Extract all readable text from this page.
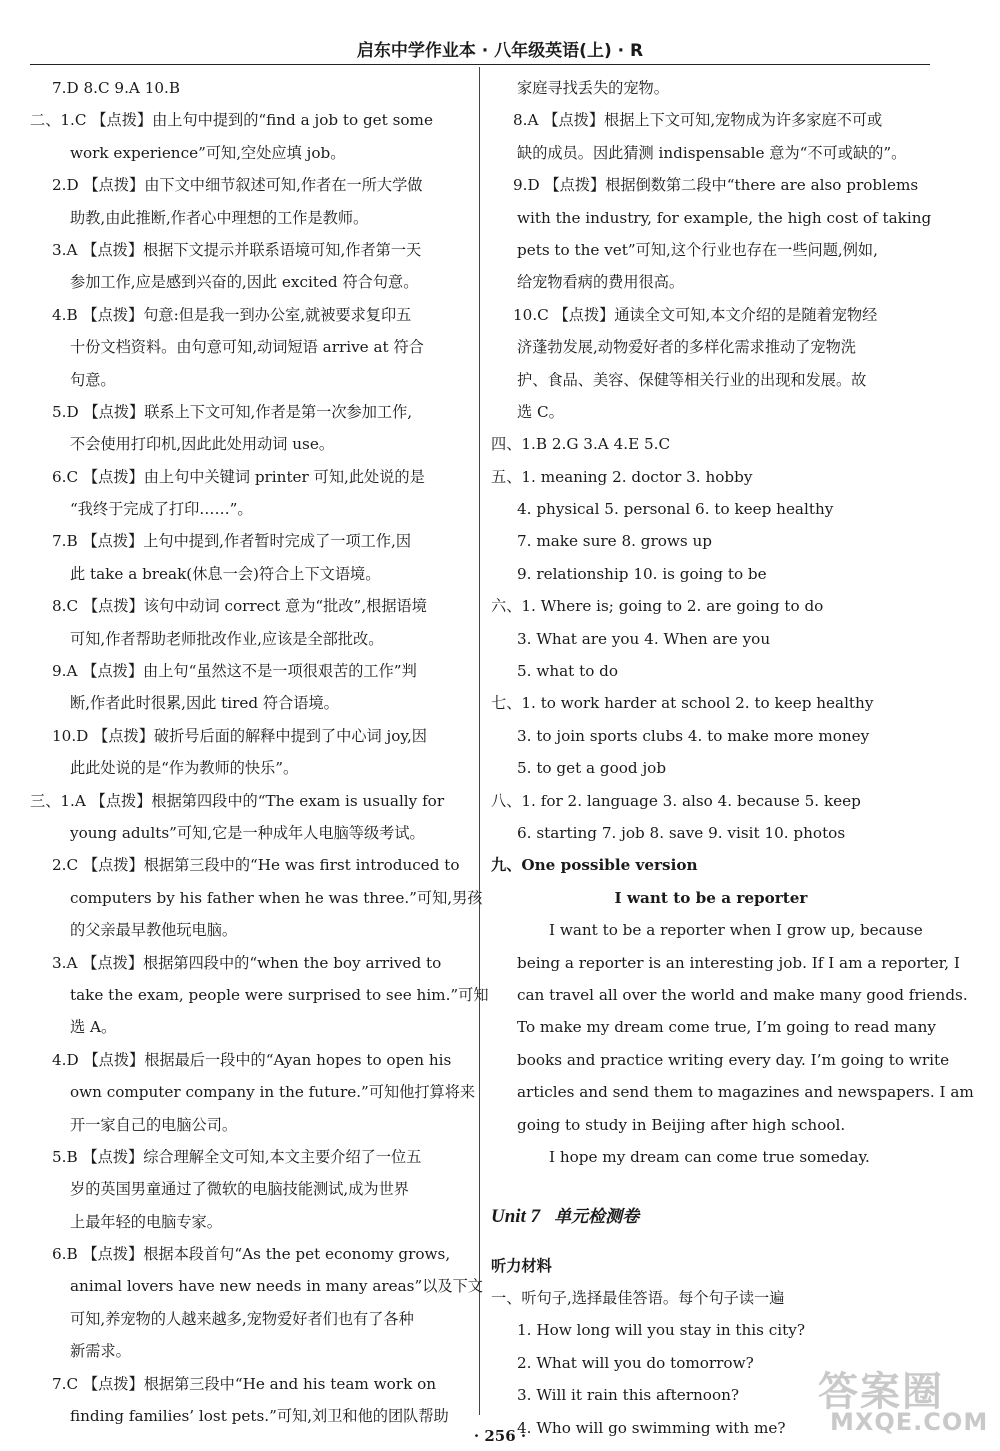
启东中学作业本 · 八年级英语(上) · R
7.D 8.C 9.A 10.B
二、1.C 【点拨】由上句中提到的“find a job to get some
work experience”可知,空处应填 job。
2.D 【点拨】由下文中细节叙述可知,作者在一所大学做
助教,由此推断,作者心中理想的工作是教师。
3.A 【点拨】根据下文提示并联系语境可知,作者第一天
参加工作,应是感到兴奋的,因此 excited 符合句意。
4.B 【点拨】句意:但是我一到办公室,就被要求复印五
十份文档资料。由句意可知,动词短语 arrive at 符合
句意。
5.D 【点拨】联系上下文可知,作者是第一次参加工作,
不会使用打印机,因此此处用动词 use。
6.C 【点拨】由上句中关键词 printer 可知,此处说的是
“我终于完成了打印……”。
7.B 【点拨】上句中提到,作者暂时完成了一项工作,因
此 take a break(休息一会)符合上下文语境。
8.C 【点拨】该句中动词 correct 意为“批改”,根据语境
可知,作者帮助老师批改作业,应该是全部批改。
9.A 【点拨】由上句“虽然这不是一项很艰苦的工作”判
断,作者此时很累,因此 tired 符合语境。
10.D 【点拨】破折号后面的解释中提到了中心词 joy,因
此此处说的是“作为教师的快乐”。
三、1.A 【点拨】根据第四段中的“The exam is usually for
young adults”可知,它是一种成年人电脑等级考试。
2.C 【点拨】根据第三段中的“He was first introduced to
computers by his father when he was three.”可知,男孩
的父亲最早教他玩电脑。
3.A 【点拨】根据第四段中的“when the boy arrived to
take the exam, people were surprised to see him.”可知
选 A。
4.D 【点拨】根据最后一段中的“Ayan hopes to open his
own computer company in the future.”可知他打算将来
开一家自己的电脑公司。
5.B 【点拨】综合理解全文可知,本文主要介绍了一位五
岁的英国男童通过了微软的电脑技能测试,成为世界
上最年轻的电脑专家。
6.B 【点拨】根据本段首句“As the pet economy grows,
animal lovers have new needs in many areas”以及下文
可知,养宠物的人越来越多,宠物爱好者们也有了各种
新需求。
7.C 【点拨】根据第三段中“He and his team work on
finding families’ lost pets.”可知,刘卫和他的团队帮助
家庭寻找丢失的宠物。
8.A 【点拨】根据上下文可知,宠物成为许多家庭不可或
缺的成员。因此猜测 indispensable 意为“不可或缺的”。
9.D 【点拨】根据倒数第二段中“there are also problems
with the industry, for example, the high cost of taking
pets to the vet”可知,这个行业也存在一些问题,例如,
给宠物看病的费用很高。
10.C 【点拨】通读全文可知,本文介绍的是随着宠物经
济蓬勃发展,动物爱好者的多样化需求推动了宠物洗
护、食品、美容、保健等相关行业的出现和发展。故
选 C。
四、1.B 2.G 3.A 4.E 5.C
五、1. meaning 2. doctor 3. hobby
4. physical 5. personal 6. to keep healthy
7. make sure 8. grows up
9. relationship 10. is going to be
六、1. Where is; going to 2. are going to do
3. What are you 4. When are you
5. what to do
七、1. to work harder at school 2. to keep healthy
3. to join sports clubs 4. to make more money
5. to get a good job
八、1. for 2. language 3. also 4. because 5. keep
6. starting 7. job 8. save 9. visit 10. photos
九、One possible version
I want to be a reporter
I want to be a reporter when I grow up, because
being a reporter is an interesting job. If I am a reporter, I
can travel all over the world and make many good friends.
To make my dream come true, I’m going to read many
books and practice writing every day. I’m going to write
articles and send them to magazines and newspapers. I am
going to study in Beijing after high school.
I hope my dream can come true someday.
Unit 7 单元检测卷
听力材料
一、听句子,选择最佳答语。每个句子读一遍
1. How long will you stay in this city?
2. What will you do tomorrow?
3. Will it rain this afternoon?
4. Who will go swimming with me?
· 256 ·
答案圈
MXQE.COM
